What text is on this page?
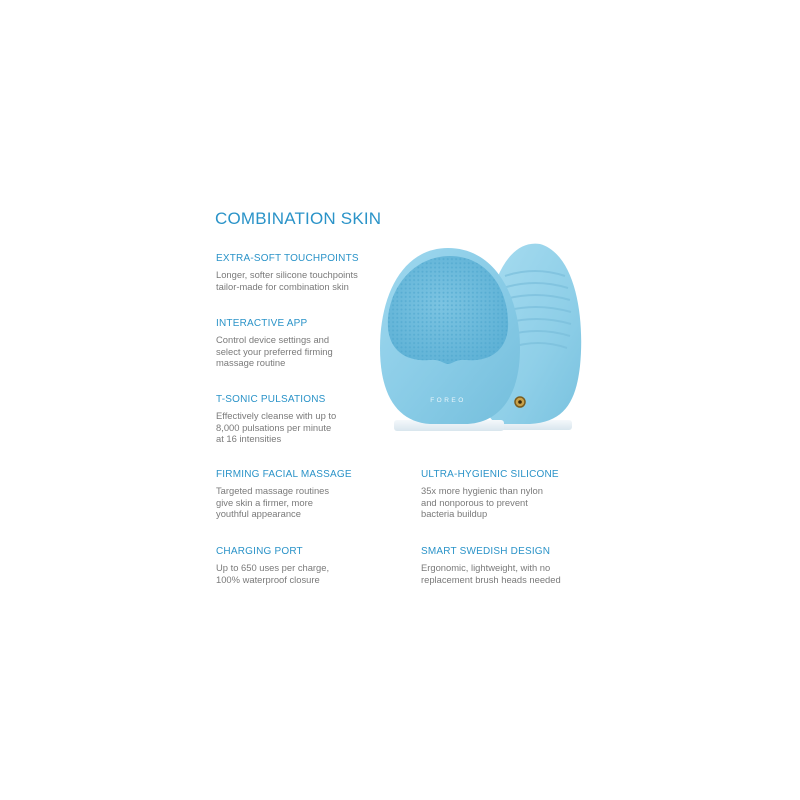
COMBINATION SKIN
EXTRA-SOFT TOUCHPOINTS
Longer, softer silicone touchpoints
tailor-made for combination skin
INTERACTIVE APP
Control device settings and
select your preferred firming
massage routine
T-SONIC PULSATIONS
Effectively cleanse with up to
8,000 pulsations per minute
at 16 intensities
FIRMING FACIAL MASSAGE
Targeted massage routines
give skin a firmer, more
youthful appearance
ULTRA-HYGIENIC SILICONE
35x more hygienic than nylon
and nonporous to prevent
bacteria buildup
CHARGING PORT
Up to 650 uses per charge,
100% waterproof closure
SMART SWEDISH DESIGN
Ergonomic, lightweight, with no
replacement brush heads needed
FOREO
